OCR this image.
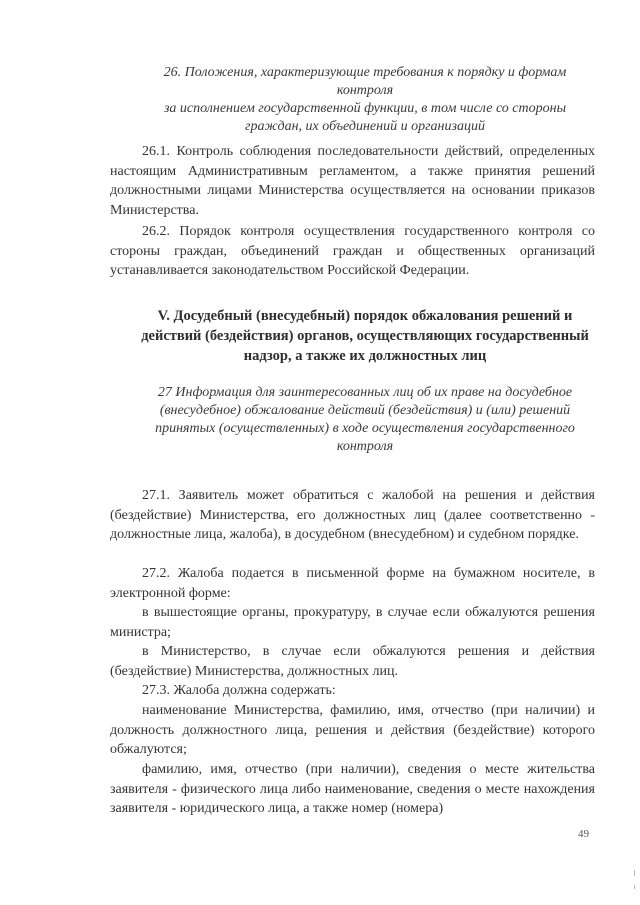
26. Положения, характеризующие требования к порядку и формам
контроля
за исполнением государственной функции, в том числе со стороны
граждан, их объединений и организаций
26.1. Контроль соблюдения последовательности действий, определенных настоящим Административным регламентом, а также принятия решений должностными лицами Министерства осуществляется на основании приказов Министерства.
26.2. Порядок контроля осуществления государственного контроля со стороны граждан, объединений граждан и общественных организаций устанавливается законодательством Российской Федерации.
V. Досудебный (внесудебный) порядок обжалования решений и
действий (бездействия) органов, осуществляющих государственный
надзор, а также их должностных лиц
27 Информация для заинтересованных лиц об их праве на досудебное
(внесудебное) обжалование действий (бездействия) и (или) решений
принятых (осуществленных) в ходе осуществления государственного
контроля
27.1. Заявитель может обратиться с жалобой на решения и действия (бездействие) Министерства, его должностных лиц (далее соответственно - должностные лица, жалоба), в досудебном (внесудебном) и судебном порядке.
27.2. Жалоба подается в письменной форме на бумажном носителе, в электронной форме:
в вышестоящие органы, прокуратуру, в случае если обжалуются решения министра;
в Министерство, в случае если обжалуются решения и действия (бездействие) Министерства, должностных лиц.
27.3. Жалоба должна содержать:
наименование Министерства, фамилию, имя, отчество (при наличии) и должность должностного лица, решения и действия (бездействие) которого обжалуются;
фамилию, имя, отчество (при наличии), сведения о месте жительства заявителя - физического лица либо наименование, сведения о месте нахождения заявителя - юридического лица, а также номер (номера)
49
